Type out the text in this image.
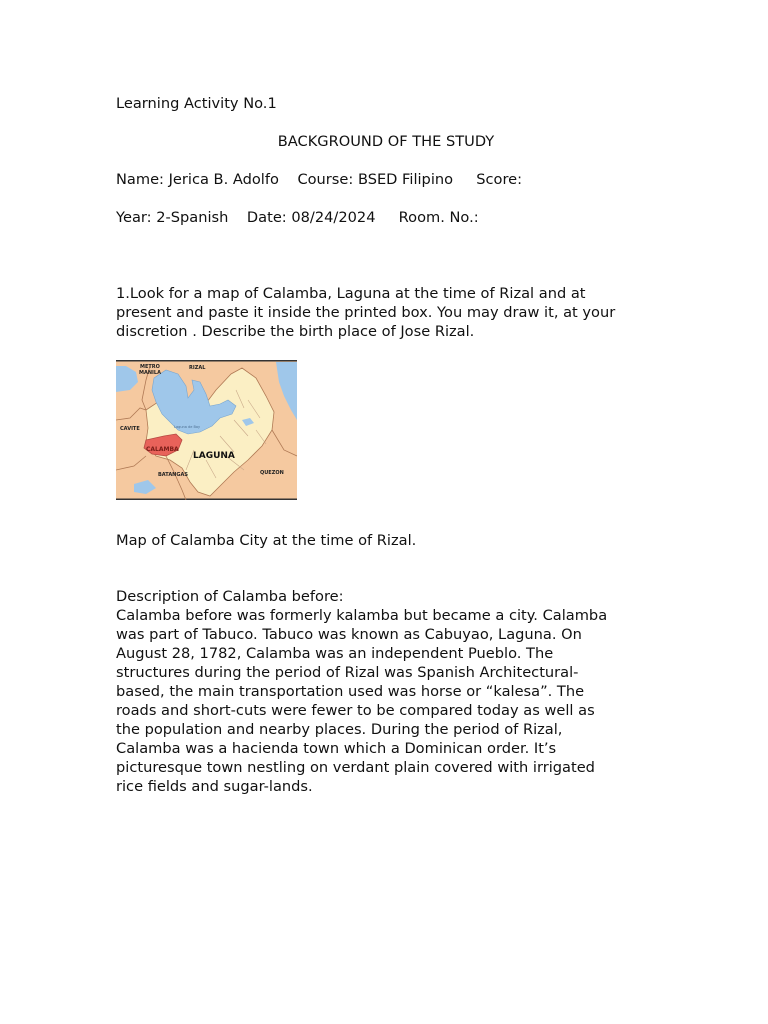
Learning Activity No.1
BACKGROUND OF THE STUDY
Name: Jerica B. Adolfo    Course: BSED Filipino     Score:
Year: 2-Spanish    Date: 08/24/2024     Room. No.:
1.Look for a map of Calamba, Laguna at the time of Rizal and at
present and paste it inside the printed box. You may draw it, at your
discretion . Describe the birth place of Jose Rizal.
METRO
MANILA
RIZAL
CAVITE
CALAMBA
LAGUNA
BATANGAS	QUEZON
Laguna de Bay
Map of Calamba City at the time of Rizal.
Description of Calamba before:
Calamba before was formerly kalamba but became a city. Calamba
was part of Tabuco. Tabuco was known as Cabuyao, Laguna. On
August 28, 1782, Calamba was an independent Pueblo. The
structures during the period of Rizal was Spanish Architectural-
based, the main transportation used was horse or “kalesa”. The
roads and short-cuts were fewer to be compared today as well as
the population and nearby places. During the period of Rizal,
Calamba was a hacienda town which a Dominican order. It’s
picturesque town nestling on verdant plain covered with irrigated
rice fields and sugar-lands.
